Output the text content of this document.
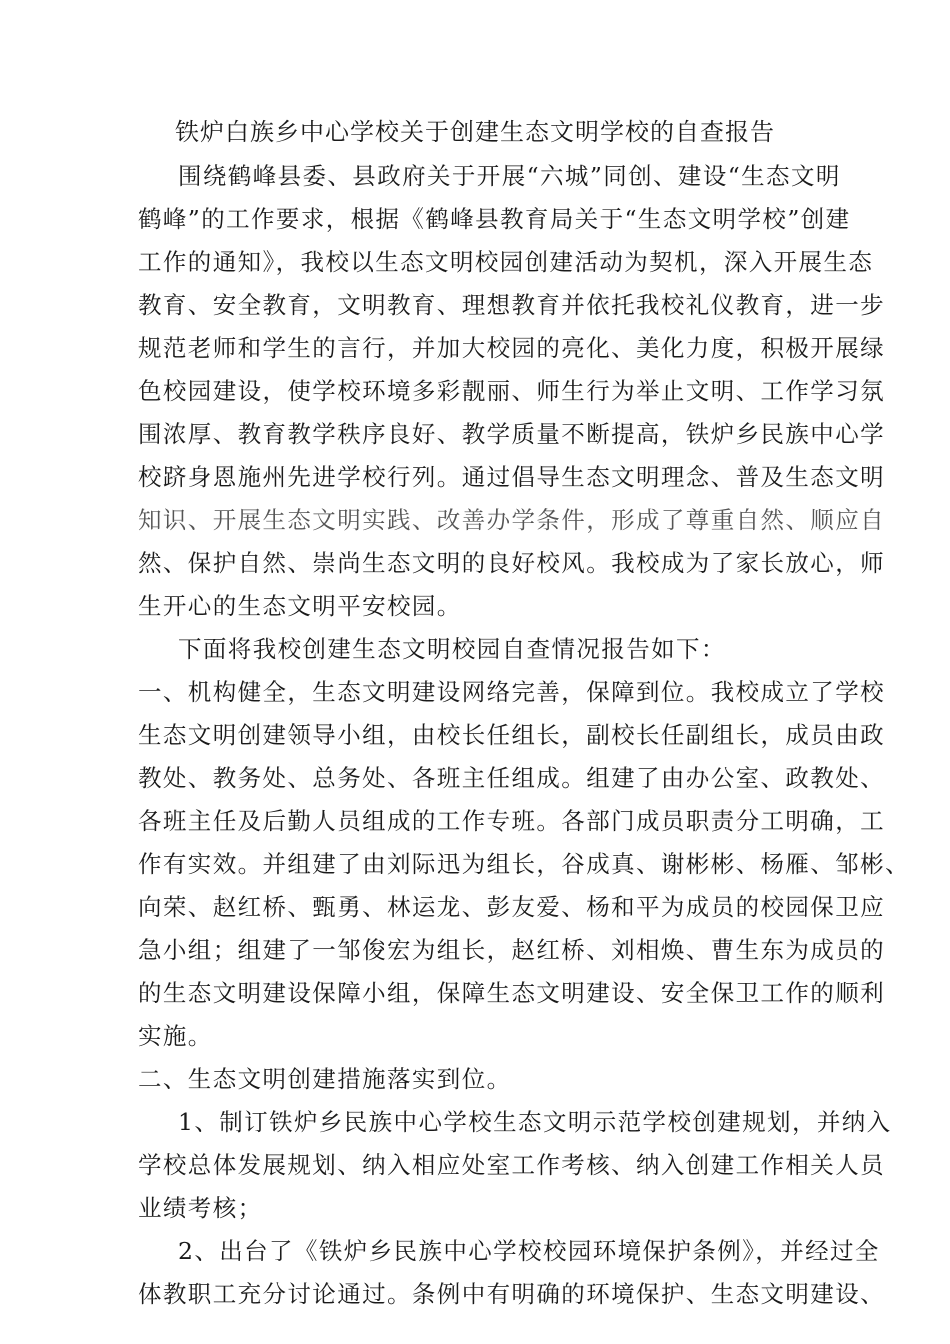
铁炉白族乡中心学校关于创建生态文明学校的自查报告
围绕鹤峰县委、县政府关于开展“六城”同创、建设“生态文明
鹤峰”的工作要求，根据《鹤峰县教育局关于“生态文明学校”创建
工作的通知》，我校以生态文明校园创建活动为契机，深入开展生态
教育、安全教育，文明教育、理想教育并依托我校礼仪教育，进一步
规范老师和学生的言行，并加大校园的亮化、美化力度，积极开展绿
色校园建设，使学校环境多彩靓丽、师生行为举止文明、工作学习氛
围浓厚、教育教学秩序良好、教学质量不断提高，铁炉乡民族中心学
校跻身恩施州先进学校行列。通过倡导生态文明理念、普及生态文明
知识、开展生态文明实践、改善办学条件，形成了尊重自然、顺应自
然、保护自然、崇尚生态文明的良好校风。我校成为了家长放心，师
生开心的生态文明平安校园。
下面将我校创建生态文明校园自查情况报告如下：
一、机构健全，生态文明建设网络完善，保障到位。我校成立了学校
生态文明创建领导小组，由校长任组长，副校长任副组长，成员由政
教处、教务处、总务处、各班主任组成。组建了由办公室、政教处、
各班主任及后勤人员组成的工作专班。各部门成员职责分工明确，工
作有实效。并组建了由刘际迅为组长，谷成真、谢彬彬、杨雁、邹彬、
向荣、赵红桥、甄勇、林运龙、彭友爱、杨和平为成员的校园保卫应
急小组；组建了一邹俊宏为组长，赵红桥、刘相焕、曹生东为成员的
的生态文明建设保障小组，保障生态文明建设、安全保卫工作的顺利
实施。
二、生态文明创建措施落实到位。
1、制订铁炉乡民族中心学校生态文明示范学校创建规划，并纳入
学校总体发展规划、纳入相应处室工作考核、纳入创建工作相关人员
业绩考核；
2、出台了《铁炉乡民族中心学校校园环境保护条例》，并经过全
体教职工充分讨论通过。条例中有明确的环境保护、生态文明建设、
